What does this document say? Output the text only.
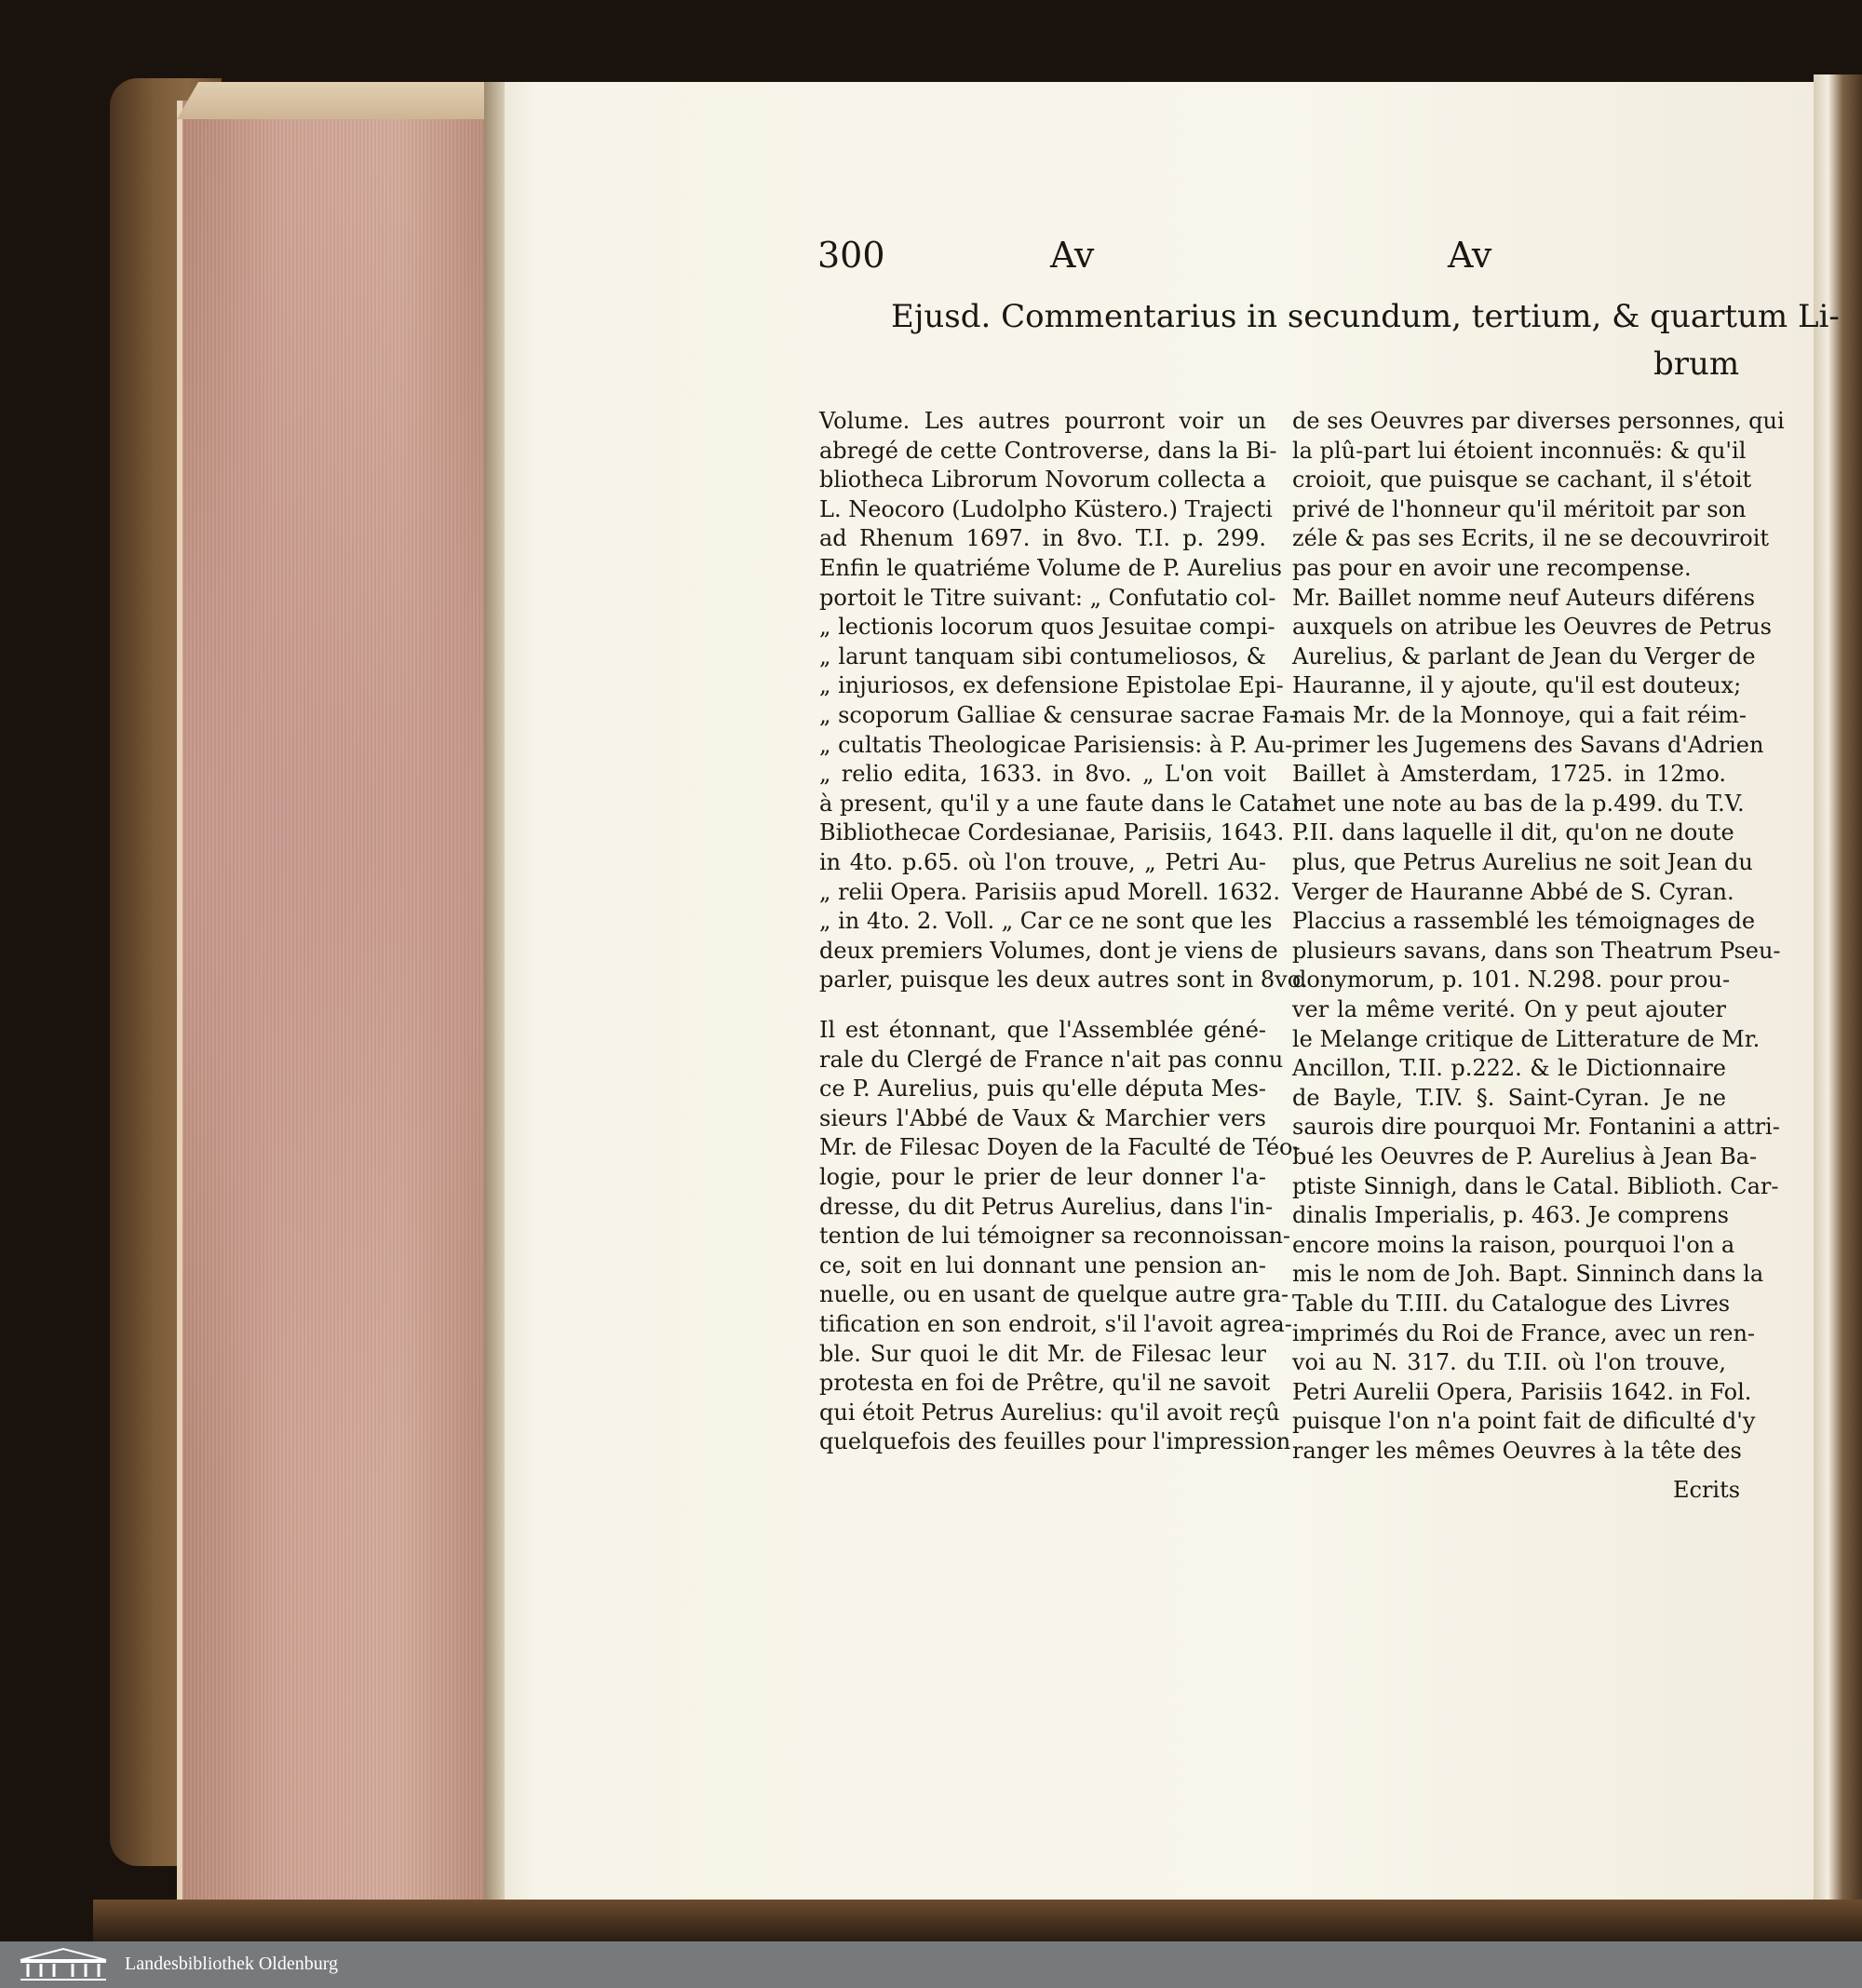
300	Av	Av
Ejusd. Commentarius in secundum, tertium, & quartum Li-
brum
Volume. Les autres pourront voir un
abregé de cette Controverse, dans la Bi-
bliotheca Librorum Novorum collecta a
L. Neocoro (Ludolpho Küstero.) Trajecti
ad Rhenum 1697. in 8vo. T.I. p. 299.
Enfin le quatriéme Volume de P. Aurelius
portoit le Titre suivant: „ Confutatio col-
„ lectionis locorum quos Jesuitae compi-
„ larunt tanquam sibi contumeliosos, &
„ injuriosos, ex defensione Epistolae Epi-
„ scoporum Galliae & censurae sacrae Fa-
„ cultatis Theologicae Parisiensis: à P. Au-
„ relio edita, 1633. in 8vo. „ L'on voit
à present, qu'il y a une faute dans le Catal.
Bibliothecae Cordesianae, Parisiis, 1643.
in 4to. p.65. où l'on trouve, „ Petri Au-
„ relii Opera. Parisiis apud Morell. 1632.
„ in 4to. 2. Voll. „ Car ce ne sont que les
deux premiers Volumes, dont je viens de
parler, puisque les deux autres sont in 8vo.
Il est étonnant, que l'Assemblée géné-
rale du Clergé de France n'ait pas connu
ce P. Aurelius, puis qu'elle députa Mes-
sieurs l'Abbé de Vaux & Marchier vers
Mr. de Filesac Doyen de la Faculté de Téo-
logie, pour le prier de leur donner l'a-
dresse, du dit Petrus Aurelius, dans l'in-
tention de lui témoigner sa reconnoissan-
ce, soit en lui donnant une pension an-
nuelle, ou en usant de quelque autre gra-
tification en son endroit, s'il l'avoit agrea-
ble. Sur quoi le dit Mr. de Filesac leur
protesta en foi de Prêtre, qu'il ne savoit
qui étoit Petrus Aurelius: qu'il avoit reçû
quelquefois des feuilles pour l'impression
de ses Oeuvres par diverses personnes, qui
la plû-part lui étoient inconnuës: & qu'il
croioit, que puisque se cachant, il s'étoit
privé de l'honneur qu'il méritoit par son
zéle & pas ses Ecrits, il ne se decouvriroit
pas pour en avoir une recompense.
Mr. Baillet nomme neuf Auteurs diférens
auxquels on atribue les Oeuvres de Petrus
Aurelius, & parlant de Jean du Verger de
Hauranne, il y ajoute, qu'il est douteux;
mais Mr. de la Monnoye, qui a fait réim-
primer les Jugemens des Savans d'Adrien
Baillet à Amsterdam, 1725. in 12mo.
met une note au bas de la p.499. du T.V.
P.II. dans laquelle il dit, qu'on ne doute
plus, que Petrus Aurelius ne soit Jean du
Verger de Hauranne Abbé de S. Cyran.
Placcius a rassemblé les témoignages de
plusieurs savans, dans son Theatrum Pseu-
donymorum, p. 101. N.298. pour prou-
ver la même verité. On y peut ajouter
le Melange critique de Litterature de Mr.
Ancillon, T.II. p.222. & le Dictionnaire
de Bayle, T.IV. §. Saint-Cyran. Je ne
saurois dire pourquoi Mr. Fontanini a attri-
bué les Oeuvres de P. Aurelius à Jean Ba-
ptiste Sinnigh, dans le Catal. Biblioth. Car-
dinalis Imperialis, p. 463. Je comprens
encore moins la raison, pourquoi l'on a
mis le nom de Joh. Bapt. Sinninch dans la
Table du T.III. du Catalogue des Livres
imprimés du Roi de France, avec un ren-
voi au N. 317. du T.II. où l'on trouve,
Petri Aurelii Opera, Parisiis 1642. in Fol.
puisque l'on n'a point fait de dificulté d'y
ranger les mêmes Oeuvres à la tête des
Ecrits
Landesbibliothek Oldenburg
